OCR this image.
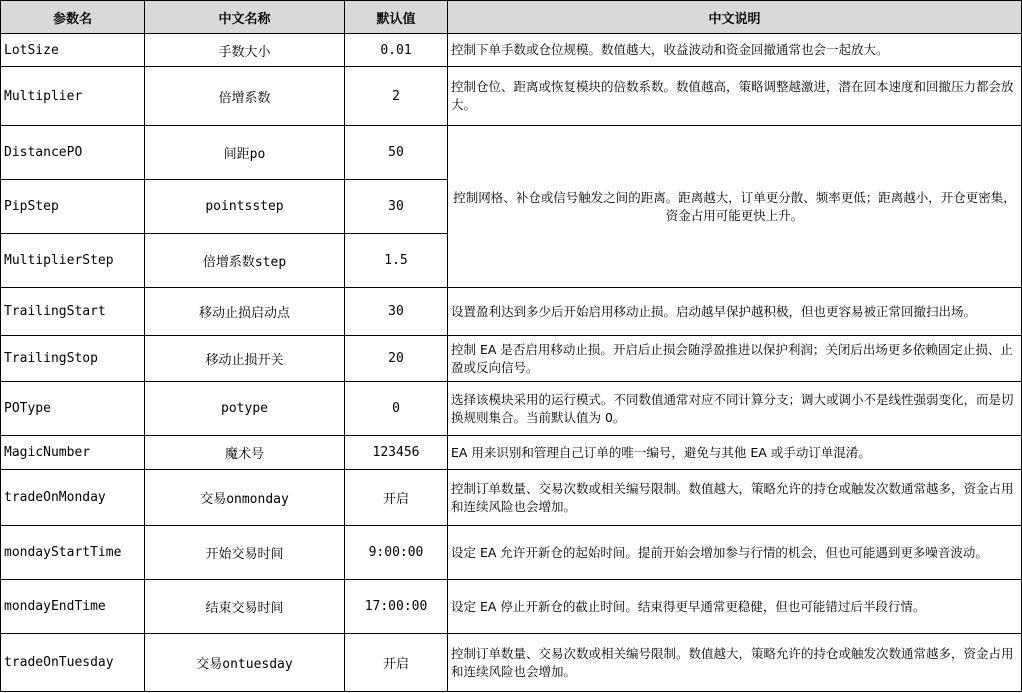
参数名	中文名称	默认值	中文说明
LotSize	手数大小	0.01	控制下单手数或仓位规模。数值越大，收益波动和资金回撤通常也会一起放大。
Multiplier	倍增系数	2	控制仓位、距离或恢复模块的倍数系数。数值越高，策略调整越激进，潜在回本速度和回撤压力都会放大。
DistancePO	间距po	50	控制网格、补仓或信号触发之间的距离。距离越大，订单更分散、频率更低；距离越小，开仓更密集，资金占用可能更快上升。
PipStep	pointsstep	30	
MultiplierStep	倍增系数step	1.5	
TrailingStart	移动止损启动点	30	设置盈利达到多少后开始启用移动止损。启动越早保护越积极，但也更容易被正常回撤扫出场。
TrailingStop	移动止损开关	20	控制 EA 是否启用移动止损。开启后止损会随浮盈推进以保护利润；关闭后出场更多依赖固定止损、止盈或反向信号。
POType	potype	0	选择该模块采用的运行模式。不同数值通常对应不同计算分支；调大或调小不是线性强弱变化，而是切换规则集合。当前默认值为 0。
MagicNumber	魔术号	123456	EA 用来识别和管理自己订单的唯一编号，避免与其他 EA 或手动订单混淆。
tradeOnMonday	交易onmonday	开启	控制订单数量、交易次数或相关编号限制。数值越大，策略允许的持仓或触发次数通常越多，资金占用和连续风险也会增加。
mondayStartTime	开始交易时间	9:00:00	设定 EA 允许开新仓的起始时间。提前开始会增加参与行情的机会，但也可能遇到更多噪音波动。
mondayEndTime	结束交易时间	17:00:00	设定 EA 停止开新仓的截止时间。结束得更早通常更稳健，但也可能错过后半段行情。
tradeOnTuesday	交易ontuesday	开启	控制订单数量、交易次数或相关编号限制。数值越大，策略允许的持仓或触发次数通常越多，资金占用和连续风险也会增加。
